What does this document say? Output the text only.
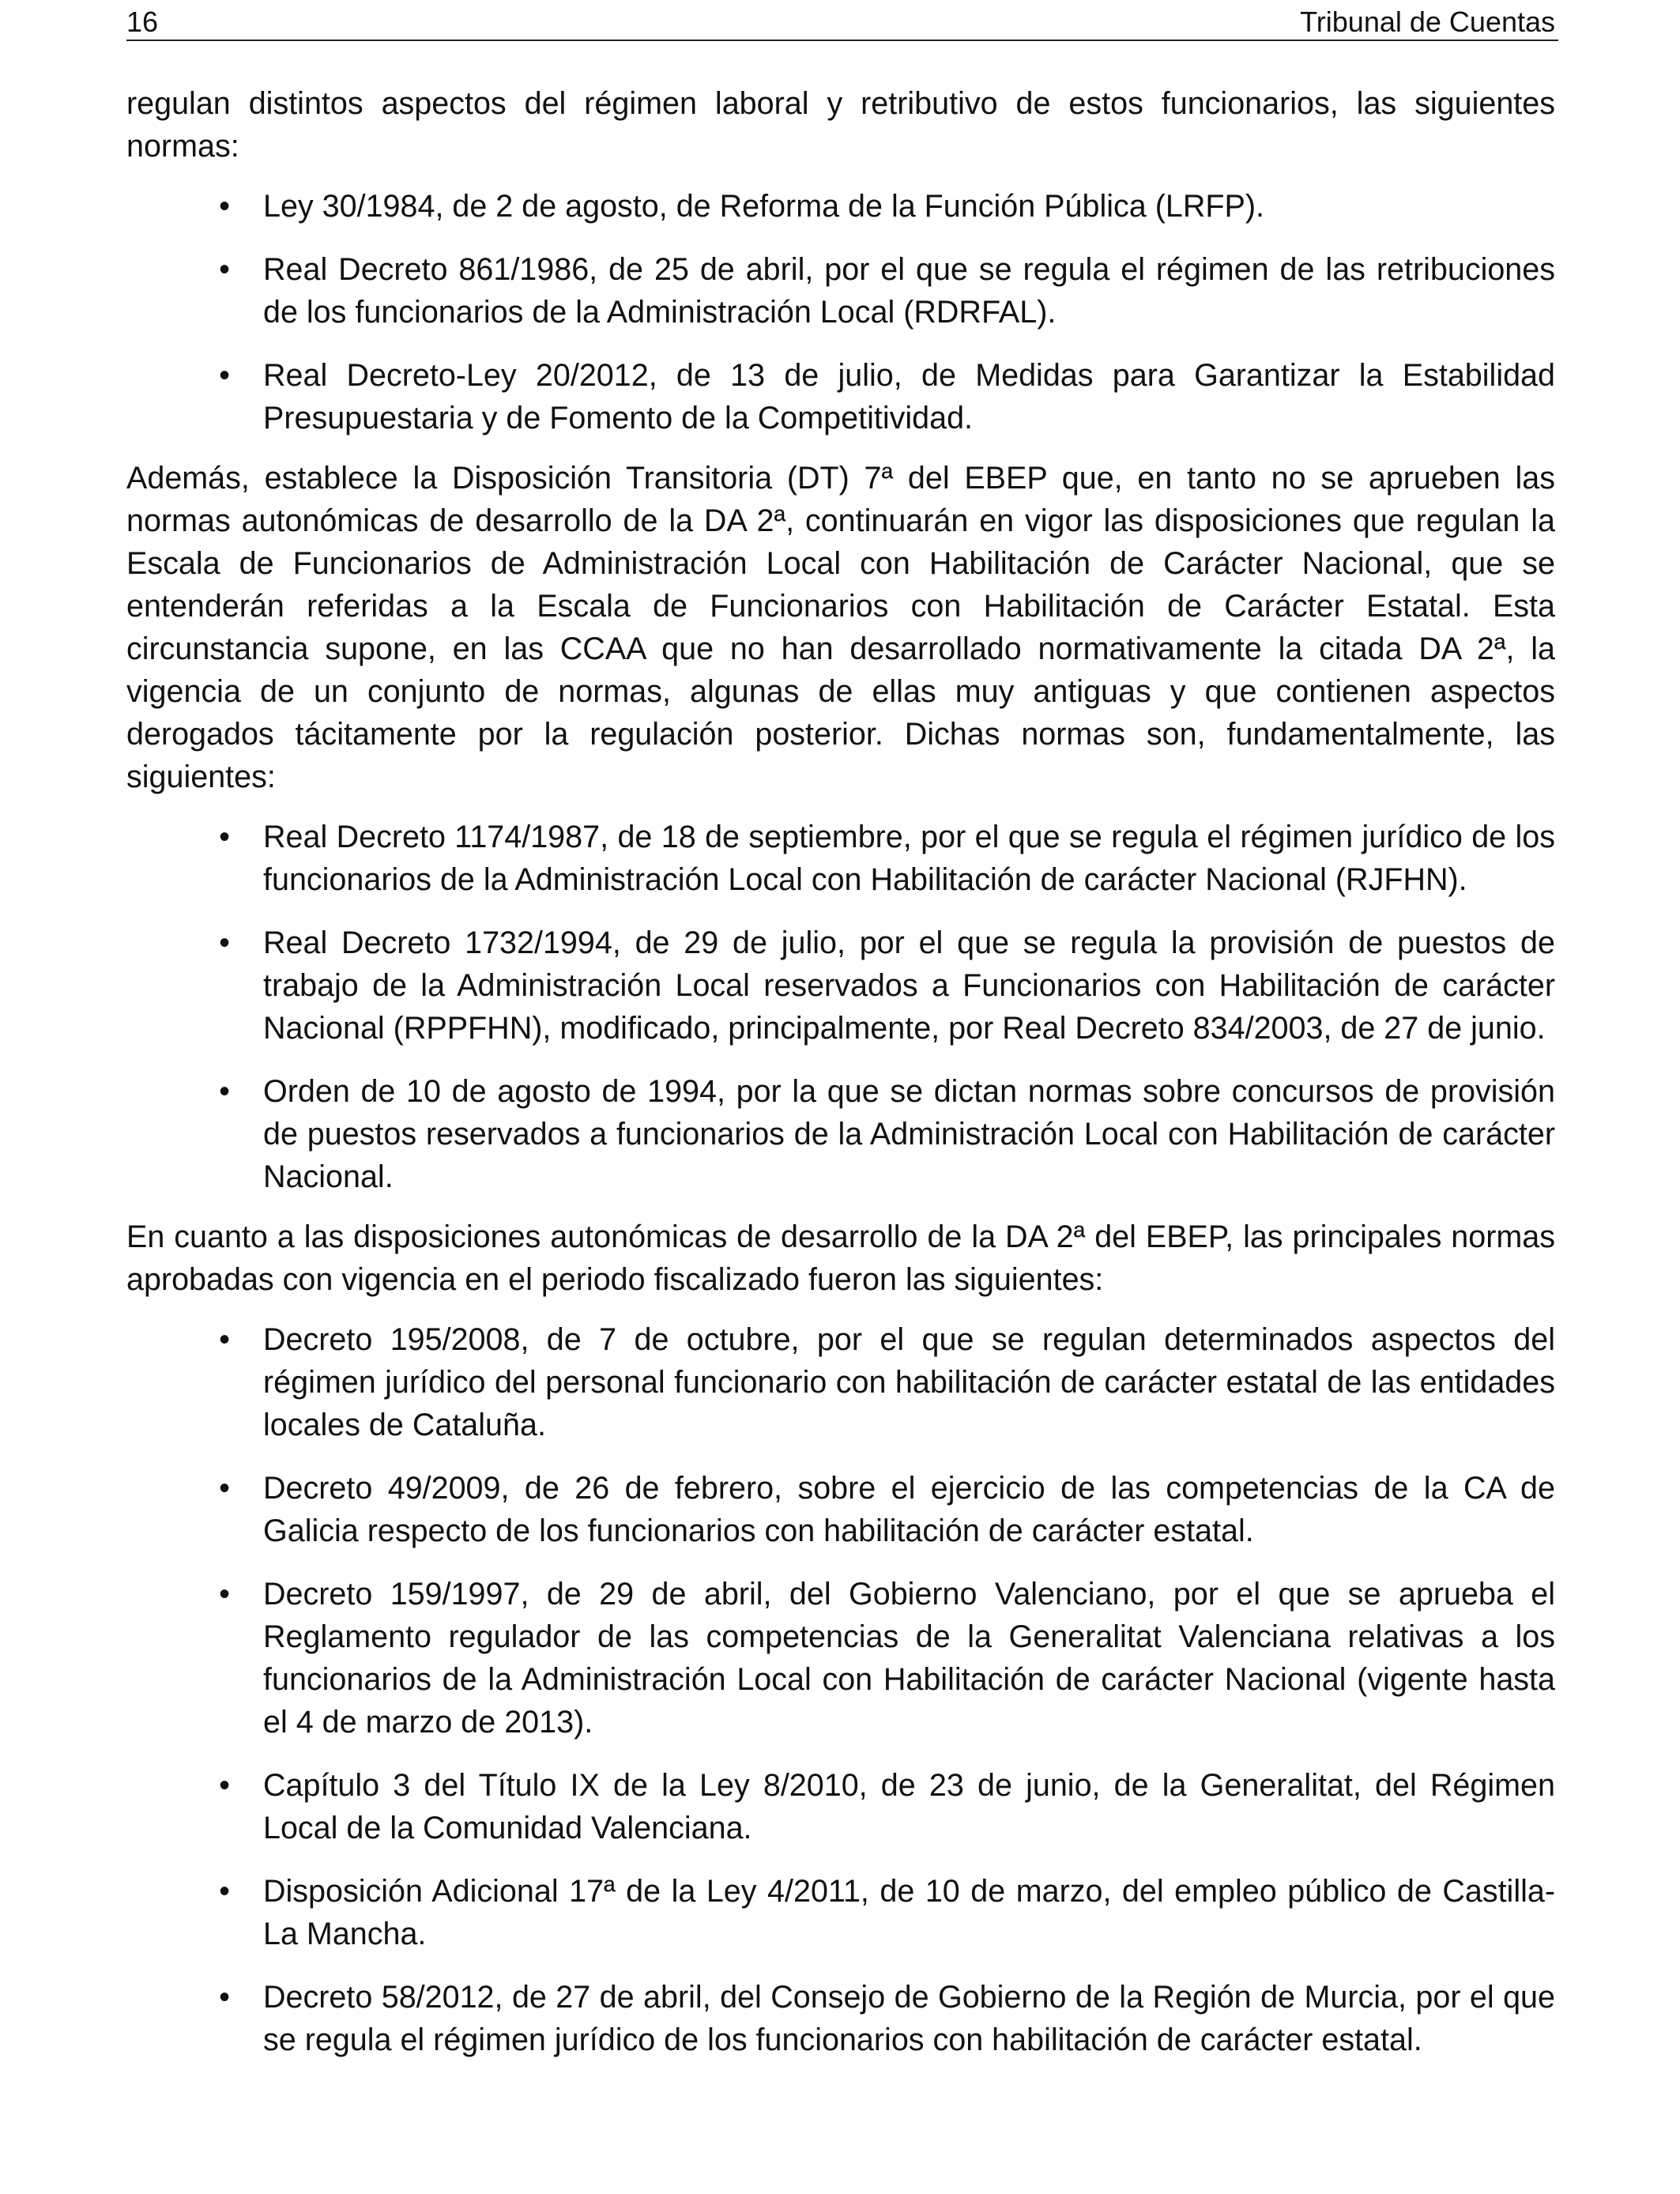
16	Tribunal de Cuentas

regulan distintos aspectos del régimen laboral y retributivo de estos funcionarios, las siguientes normas:

•	Ley 30/1984, de 2 de agosto, de Reforma de la Función Pública (LRFP).
•	Real Decreto 861/1986, de 25 de abril, por el que se regula el régimen de las retribuciones de los funcionarios de la Administración Local (RDRFAL).
•	Real Decreto-Ley 20/2012, de 13 de julio, de Medidas para Garantizar la Estabilidad Presupuestaria y de Fomento de la Competitividad.

Además, establece la Disposición Transitoria (DT) 7ª del EBEP que, en tanto no se aprueben las normas autonómicas de desarrollo de la DA 2ª, continuarán en vigor las disposiciones que regulan la Escala de Funcionarios de Administración Local con Habilitación de Carácter Nacional, que se entenderán referidas a la Escala de Funcionarios con Habilitación de Carácter Estatal. Esta circunstancia supone, en las CCAA que no han desarrollado normativamente la citada DA 2ª, la vigencia de un conjunto de normas, algunas de ellas muy antiguas y que contienen aspectos derogados tácitamente por la regulación posterior. Dichas normas son, fundamentalmente, las siguientes:

•	Real Decreto 1174/1987, de 18 de septiembre, por el que se regula el régimen jurídico de los funcionarios de la Administración Local con Habilitación de carácter Nacional (RJFHN).
•	Real Decreto 1732/1994, de 29 de julio, por el que se regula la provisión de puestos de trabajo de la Administración Local reservados a Funcionarios con Habilitación de carácter Nacional (RPPFHN), modificado, principalmente, por Real Decreto 834/2003, de 27 de junio.
•	Orden de 10 de agosto de 1994, por la que se dictan normas sobre concursos de provisión de puestos reservados a funcionarios de la Administración Local con Habilitación de carácter Nacional.

En cuanto a las disposiciones autonómicas de desarrollo de la DA 2ª del EBEP, las principales normas aprobadas con vigencia en el periodo fiscalizado fueron las siguientes:

•	Decreto 195/2008, de 7 de octubre, por el que se regulan determinados aspectos del régimen jurídico del personal funcionario con habilitación de carácter estatal de las entidades locales de Cataluña.
•	Decreto 49/2009, de 26 de febrero, sobre el ejercicio de las competencias de la CA de Galicia respecto de los funcionarios con habilitación de carácter estatal.
•	Decreto 159/1997, de 29 de abril, del Gobierno Valenciano, por el que se aprueba el Reglamento regulador de las competencias de la Generalitat Valenciana relativas a los funcionarios de la Administración Local con Habilitación de carácter Nacional (vigente hasta el 4 de marzo de 2013).
•	Capítulo 3 del Título IX de la Ley 8/2010, de 23 de junio, de la Generalitat, del Régimen Local de la Comunidad Valenciana.
•	Disposición Adicional 17ª de la Ley 4/2011, de 10 de marzo, del empleo público de Castilla-La Mancha.
•	Decreto 58/2012, de 27 de abril, del Consejo de Gobierno de la Región de Murcia, por el que se regula el régimen jurídico de los funcionarios con habilitación de carácter estatal.
